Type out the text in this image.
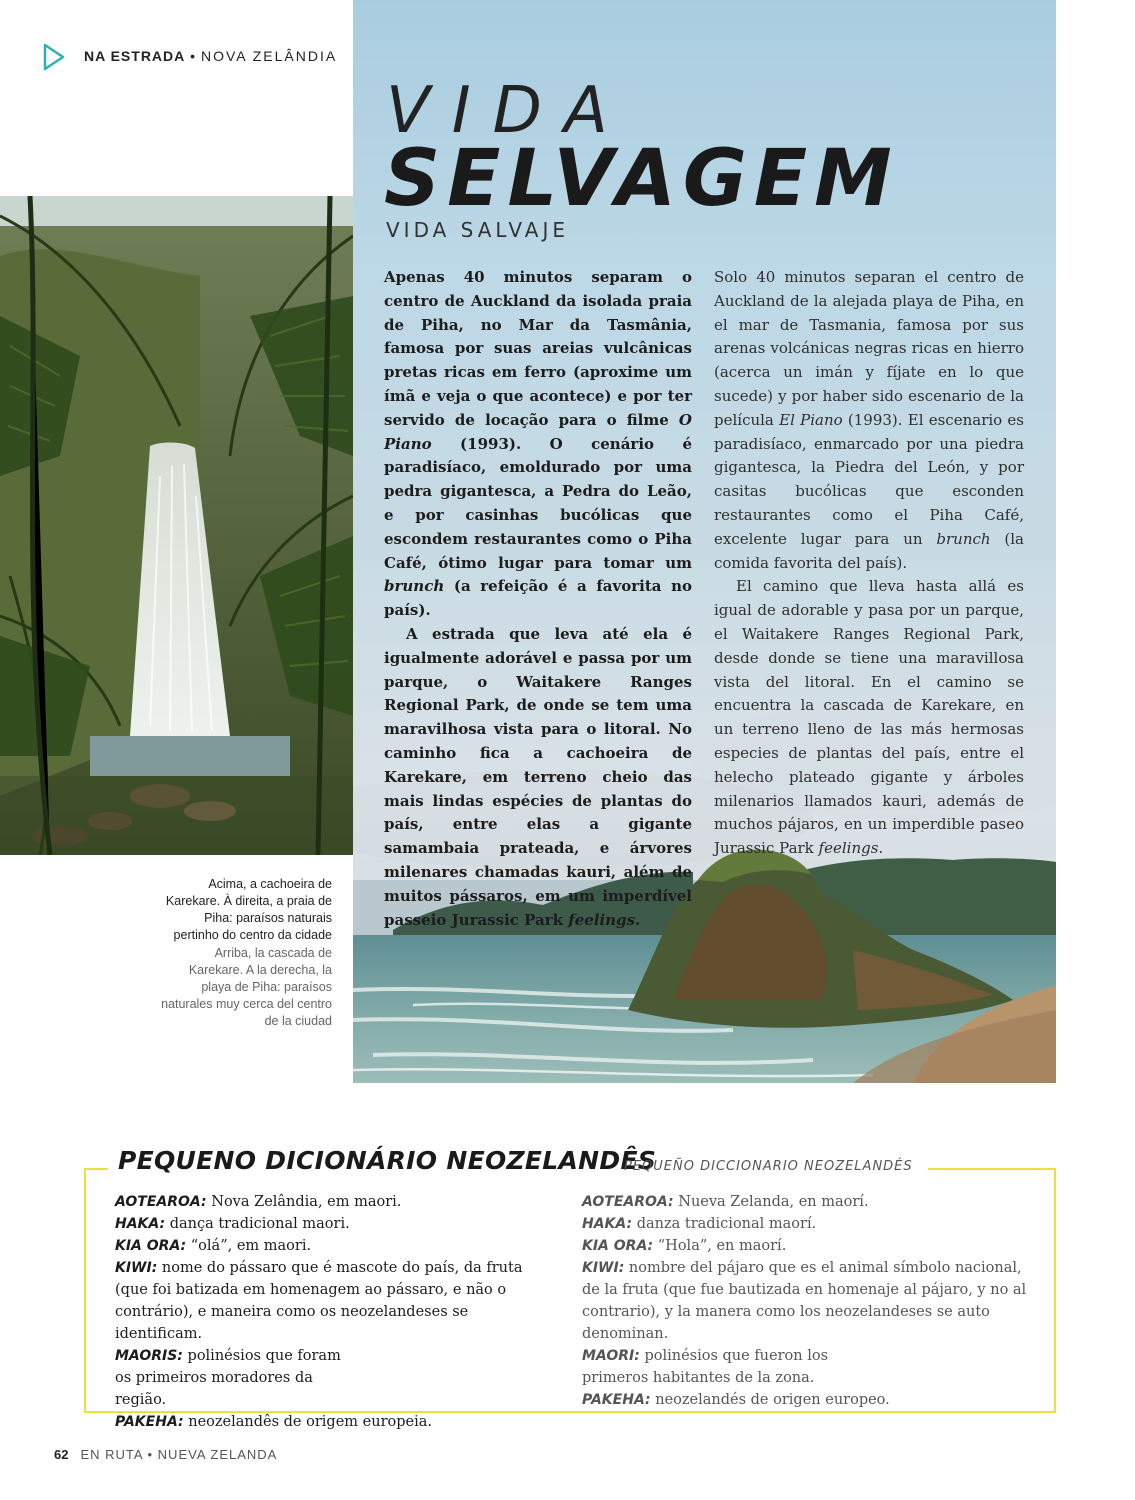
NA ESTRADA • NOVA ZELÂNDIA
VIDA
SELVAGEM
VIDA SALVAJE

Apenas 40 minutos separam o centro de Auckland da isolada praia de Piha, no Mar da Tasmânia, famosa por suas areias vulcânicas pretas ricas em ferro (aproxime um ímã e veja o que acontece) e por ter servido de locação para o filme O Piano (1993). O cenário é paradisíaco, emoldurado por uma pedra gigantesca, a Pedra do Leão, e por casinhas bucólicas que escondem restaurantes como o Piha Café, ótimo lugar para tomar um brunch (a refeição é a favorita no país).

A estrada que leva até ela é igualmente adorável e passa por um parque, o Waitakere Ranges Regional Park, de onde se tem uma maravilhosa vista para o litoral. No caminho fica a cachoeira de Karekare, em terreno cheio das mais lindas espécies de plantas do país, entre elas a gigante samambaia prateada, e árvores milenares chamadas kauri, além de muitos pássaros, em um imperdível passeio Jurassic Park feelings.

Solo 40 minutos separan el centro de Auckland de la alejada playa de Piha, en el mar de Tasmania, famosa por sus arenas volcánicas negras ricas en hierro (acerca un imán y fíjate en lo que sucede) y por haber sido escenario de la película El Piano (1993). El escenario es paradisíaco, enmarcado por una piedra gigantesca, la Piedra del León, y por casitas bucólicas que esconden restaurantes como el Piha Café, excelente lugar para un brunch (la comida favorita del país).

El camino que lleva hasta allá es igual de adorable y pasa por un parque, el Waitakere Ranges Regional Park, desde donde se tiene una maravillosa vista del litoral. En el camino se encuentra la cascada de Karekare, en un terreno lleno de las más hermosas especies de plantas del país, entre el helecho plateado gigante y árboles milenarios llamados kauri, además de muchos pájaros, en un imperdible paseo Jurassic Park feelings.

Acima, a cachoeira de Karekare. À direita, a praia de Piha: paraísos naturais pertinho do centro da cidade
Arriba, la cascada de Karekare. A la derecha, la playa de Piha: paraísos naturales muy cerca del centro de la ciudad
PEQUENO DICIONÁRIO NEOZELANDÊS
PEQUEÑO DICCIONARIO NEOZELANDÉS
AOTEAROA: Nova Zelândia, em maori.
HAKA: dança tradicional maori.
KIA ORA: “olá”, em maori.
KIWI: nome do pássaro que é mascote do país, da fruta (que foi batizada em homenagem ao pássaro, e não o contrário), e maneira como os neozelandeses se identificam.
MAORIS: polinésios que foram os primeiros moradores da região.
PAKEHA: neozelandês de origem europeia.
AOTEAROA: Nueva Zelanda, en maorí.
HAKA: danza tradicional maorí.
KIA ORA: “Hola”, en maorí.
KIWI: nombre del pájaro que es el animal símbolo nacional, de la fruta (que fue bautizada en homenaje al pájaro, y no al contrario), y la manera como los neozelandeses se auto denominan.
MAORI: polinésios que fueron los primeros habitantes de la zona.
PAKEHA: neozelandés de origen europeo.
62 EN RUTA • NUEVA ZELANDA
